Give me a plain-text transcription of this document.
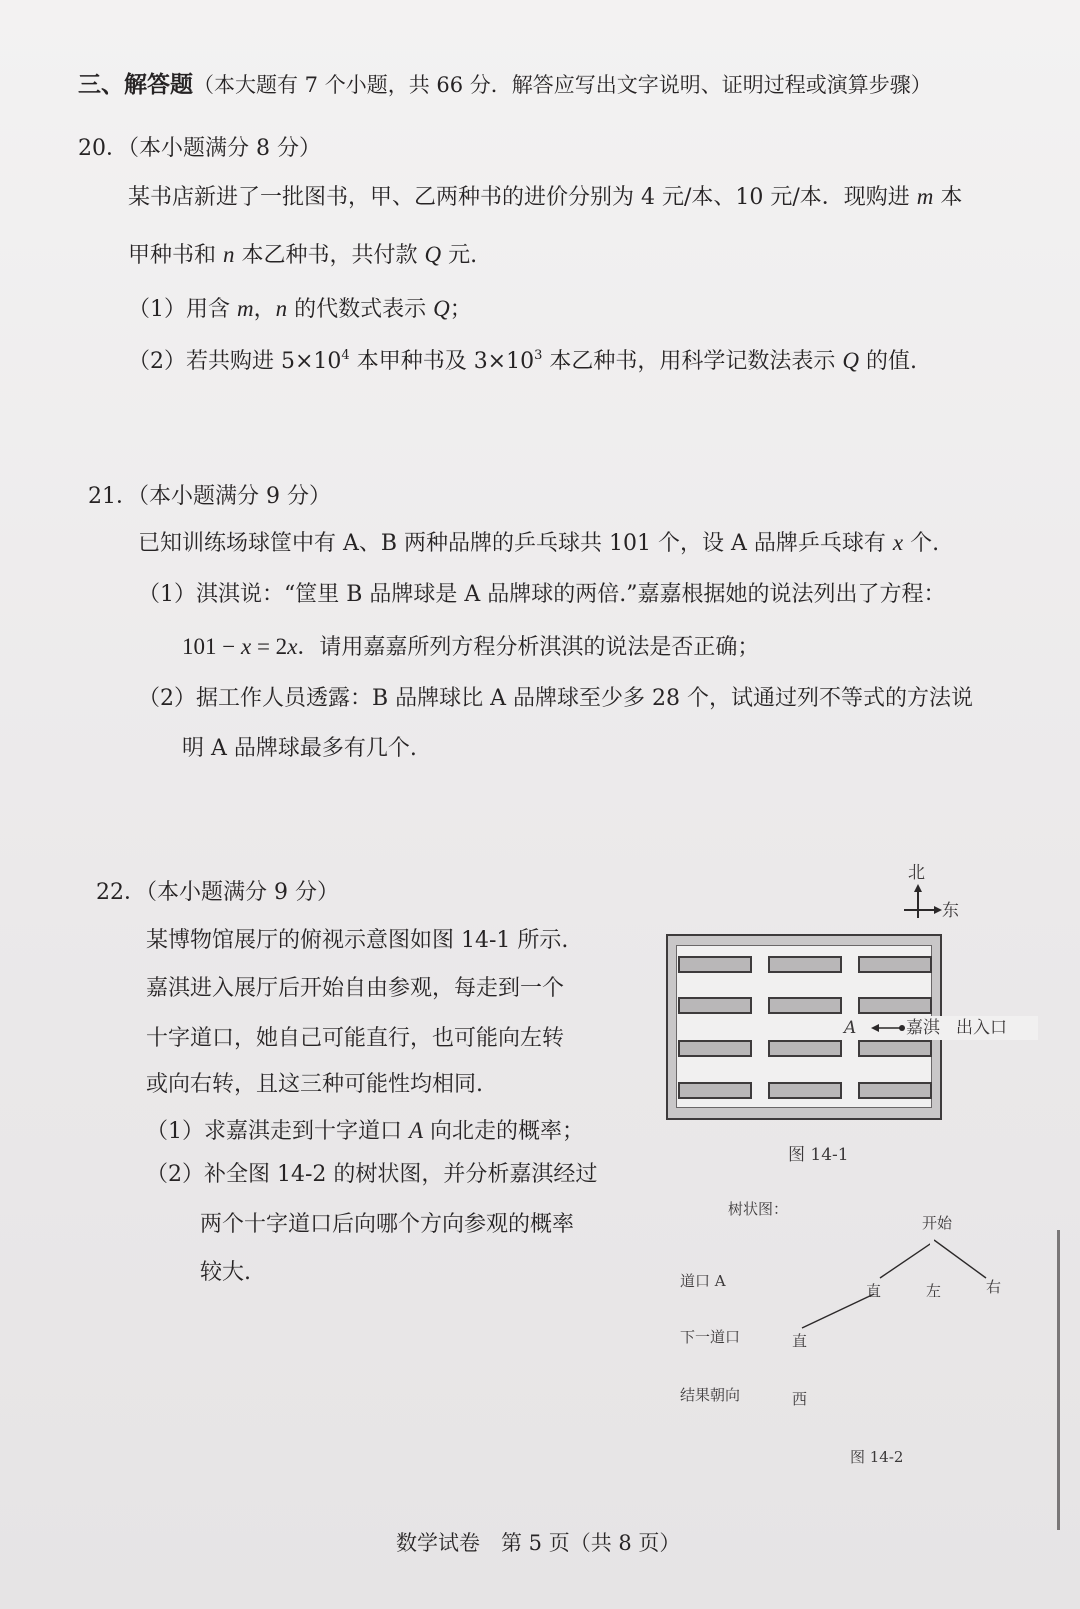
三、解答题（本大题有 7 个小题，共 66 分．解答应写出文字说明、证明过程或演算步骤）
20．（本小题满分 8 分）
某书店新进了一批图书，甲、乙两种书的进价分别为 4 元/本、10 元/本．现购进 m 本
甲种书和 n 本乙种书，共付款 Q 元.
（1）用含 m，n 的代数式表示 Q；
（2）若共购进 $5\times 10^4$ 本甲种书及 $3\times 10^3$ 本乙种书，用科学记数法表示 Q 的值.
21．（本小题满分 9 分）
已知训练场球筐中有 A、B 两种品牌的乒乓球共 101 个，设 A 品牌乒乓球有 x 个.
（1）淇淇说：“筐里 B 品牌球是 A 品牌球的两倍.”嘉嘉根据她的说法列出了方程：
101 − x = 2x．请用嘉嘉所列方程分析淇淇的说法是否正确；
（2）据工作人员透露：B 品牌球比 A 品牌球至少多 28 个，试通过列不等式的方法说
明 A 品牌球最多有几个.
22．（本小题满分 9 分）
某博物馆展厅的俯视示意图如图 14-1 所示.
嘉淇进入展厅后开始自由参观，每走到一个
十字道口，她自己可能直行，也可能向左转
或向右转，且这三种可能性均相同.
（1）求嘉淇走到十字道口 A 向北走的概率；
（2）补全图 14-2 的树状图，并分析嘉淇经过
两个十字道口后向哪个方向参观的概率
较大.
北
东
A	嘉淇 出入口
图 14-1
树状图：
开始
道口 A
直	左	右
下一道口	直
结果朝向	西
图 14-2
数学试卷　第 5 页（共 8 页）
